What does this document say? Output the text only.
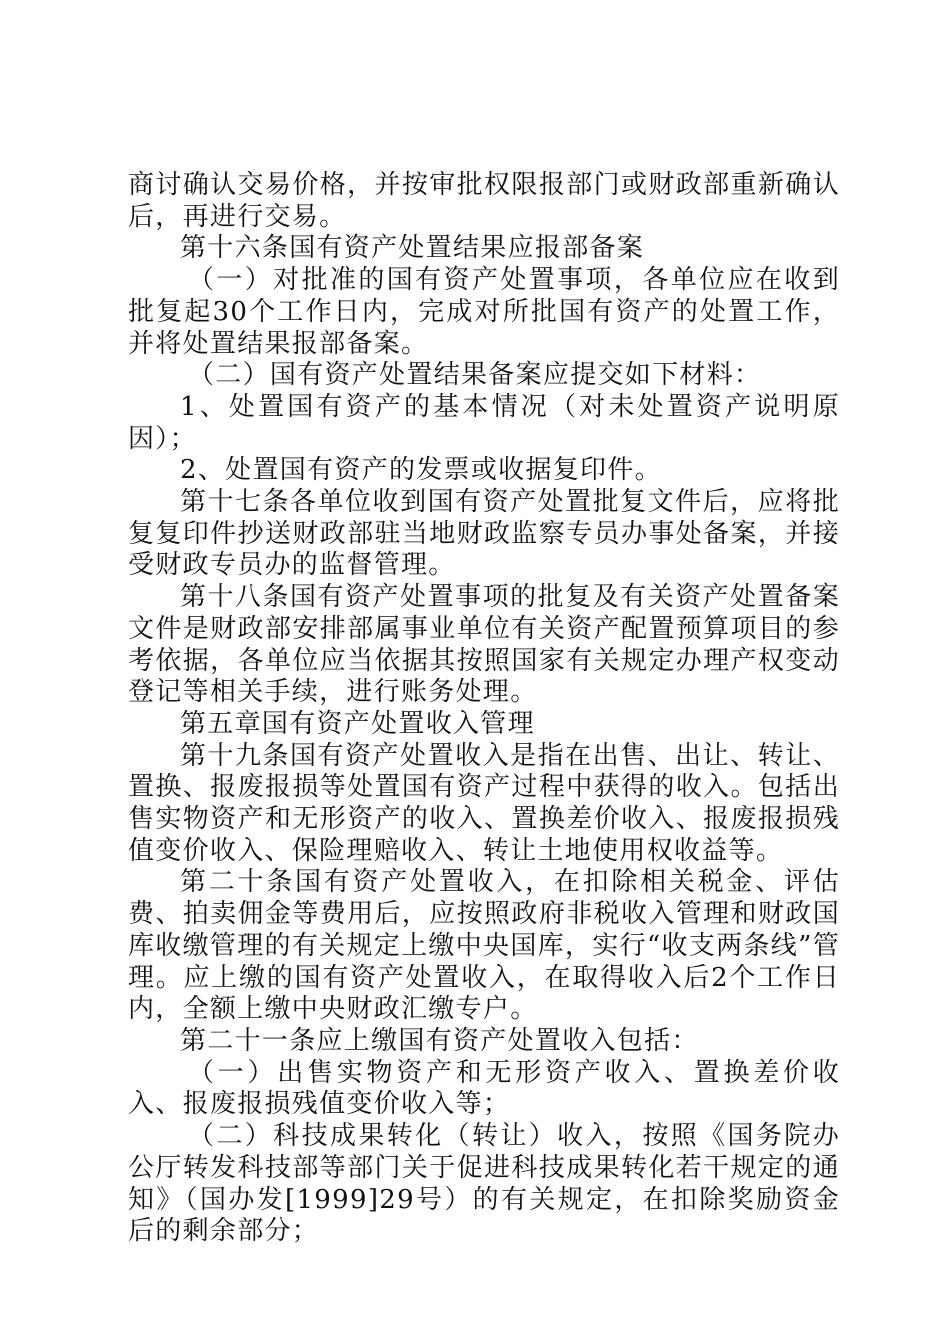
商讨确认交易价格，并按审批权限报部门或财政部重新确认后，再进行交易。

第十六条国有资产处置结果应报部备案

（一）对批准的国有资产处置事项，各单位应在收到批复起30个工作日内，完成对所批国有资产的处置工作，并将处置结果报部备案。

（二）国有资产处置结果备案应提交如下材料：

1、处置国有资产的基本情况（对未处置资产说明原因）；

2、处置国有资产的发票或收据复印件。

第十七条各单位收到国有资产处置批复文件后，应将批复复印件抄送财政部驻当地财政监察专员办事处备案，并接受财政专员办的监督管理。

第十八条国有资产处置事项的批复及有关资产处置备案文件是财政部安排部属事业单位有关资产配置预算项目的参考依据，各单位应当依据其按照国家有关规定办理产权变动登记等相关手续，进行账务处理。

第五章国有资产处置收入管理

第十九条国有资产处置收入是指在出售、出让、转让、置换、报废报损等处置国有资产过程中获得的收入。包括出售实物资产和无形资产的收入、置换差价收入、报废报损残值变价收入、保险理赔收入、转让土地使用权收益等。

第二十条国有资产处置收入，在扣除相关税金、评估费、拍卖佣金等费用后，应按照政府非税收入管理和财政国库收缴管理的有关规定上缴中央国库，实行“收支两条线”管理。应上缴的国有资产处置收入，在取得收入后2个工作日内，全额上缴中央财政汇缴专户。

第二十一条应上缴国有资产处置收入包括：

（一）出售实物资产和无形资产收入、置换差价收入、报废报损残值变价收入等；

（二）科技成果转化（转让）收入，按照《国务院办公厅转发科技部等部门关于促进科技成果转化若干规定的通知》（国办发[1999]29号）的有关规定，在扣除奖励资金后的剩余部分；
